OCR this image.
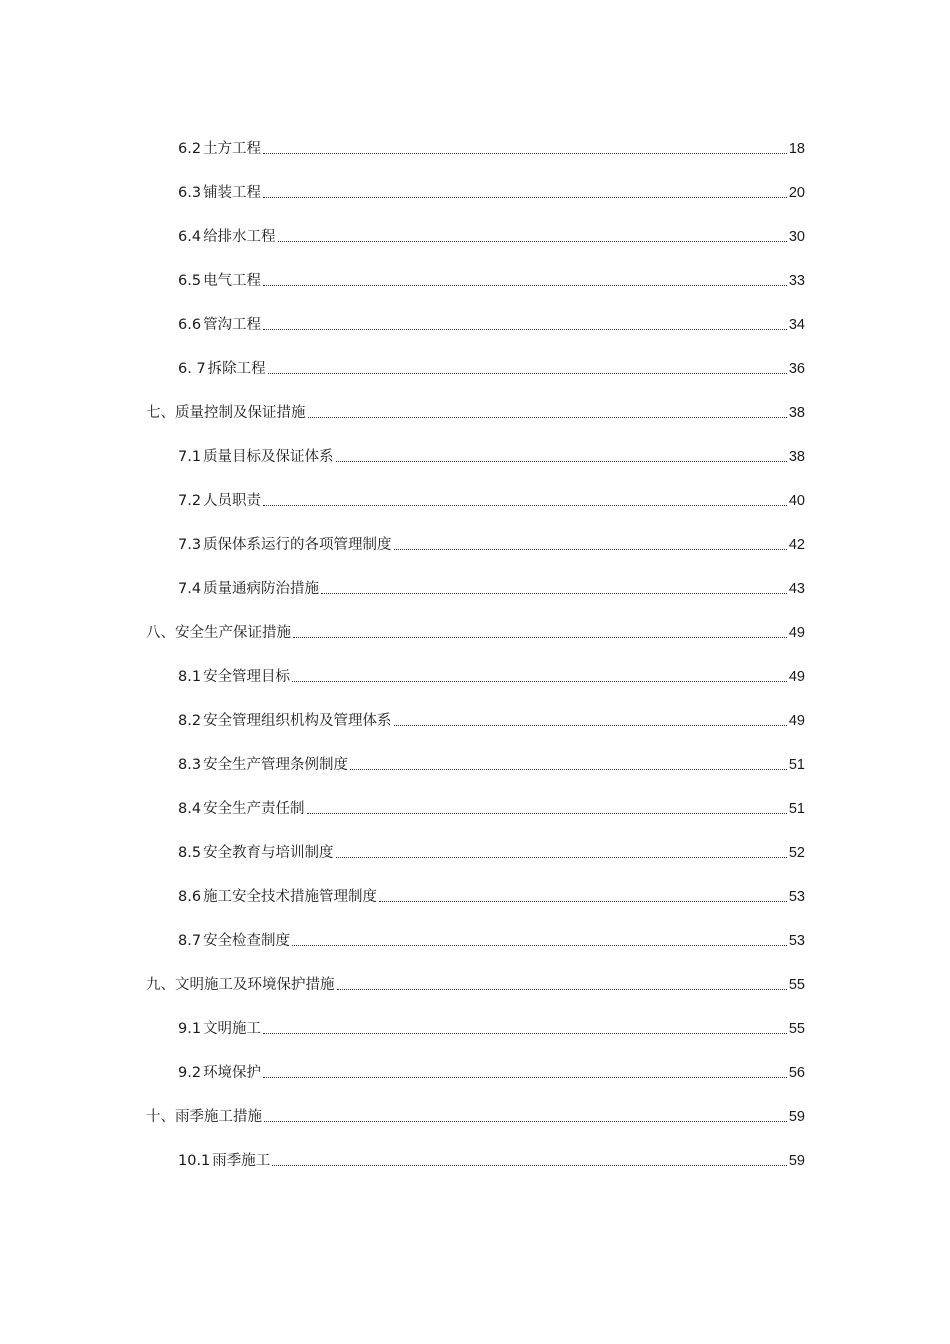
6.2 土方工程	18
6.3 铺装工程	20
6.4 给排水工程	30
6.5 电气工程	33
6.6 管沟工程	34
6. 7 拆除工程	36
七、 质量控制及保证措施	38
7.1 质量目标及保证体系	38
7.2 人员职责	40
7.3 质保体系运行的各项管理制度	42
7.4 质量通病防治措施	43
八、 安全生产保证措施	49
8.1 安全管理目标	49
8.2 安全管理组织机构及管理体系	49
8.3 安全生产管理条例制度	51
8.4 安全生产责任制	51
8.5 安全教育与培训制度	52
8.6 施工安全技术措施管理制度	53
8.7 安全检查制度	53
九、 文明施工及环境保护措施	55
9.1 文明施工	55
9.2 环境保护	56
十、 雨季施工措施	59
10.1 雨季施工	59
